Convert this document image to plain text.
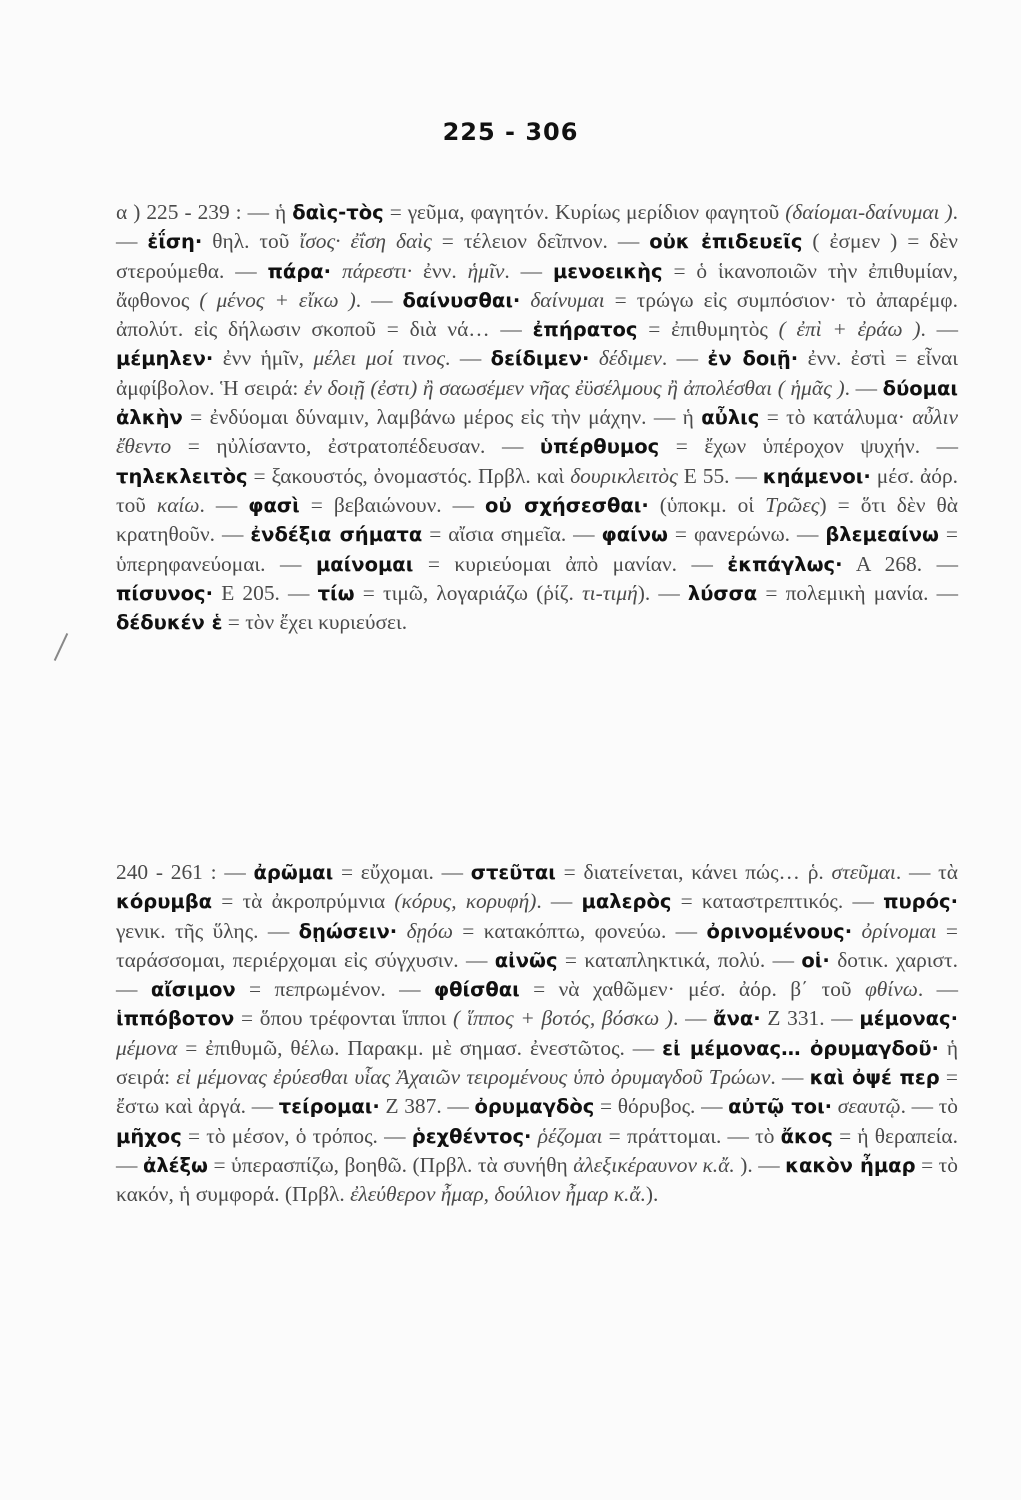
225 - 306
α ) 225 - 239 : — ἡ δαὶς-τὸς = γεῦμα, φαγητόν. Κυρίως μερίδιον φαγητοῦ (δαίομαι-δαίνυμαι ). — ἐΐση· θηλ. τοῦ ἴσος· ἐΐση δαὶς = τέλειον δεῖπνον. — οὐκ ἐπιδευεῖς ( ἐσμεν ) = δὲν στερούμεθα. — πάρα· πάρεστι· ἐνν. ἡμῖν. — μενοεικὴς = ὁ ἱκανοποιῶν τὴν ἐπιθυμίαν, ἄφθονος ( μένος + εἴκω ). — δαίνυσθαι· δαίνυμαι = τρώγω εἰς συμπόσιον· τὸ ἀπαρέμφ. ἀπολύτ. εἰς δήλωσιν σκοποῦ = διὰ νά… — ἐπήρατος = ἐπιθυμητὸς ( ἐπὶ + ἐράω ). — μέμηλεν· ἐνν ἡμῖν, μέλει μοί τινος. — δείδιμεν· δέδιμεν. — ἐν δοιῇ· ἐνν. ἐστὶ = εἶναι ἀμφίβολον. Ἡ σειρά: ἐν δοιῇ (ἐστι) ἢ σαωσέμεν νῆας ἐϋσέλμους ἢ ἀπολέσθαι ( ἡμᾶς ). — δύομαι ἀλκὴν = ἐνδύομαι δύναμιν, λαμβάνω μέρος εἰς τὴν μάχην. — ἡ αὖλις = τὸ κατάλυμα· αὖλιν ἔθεντο = ηὐλίσαντο, ἐστρατοπέδευσαν. — ὑπέρθυμος = ἔχων ὑπέροχον ψυχήν. — τηλεκλειτὸς = ξακουστός, ὀνομαστός. Πρβλ. καὶ δουρικλειτὸς Ε 55. — κηάμενοι· μέσ. ἀόρ. τοῦ καίω. — φασὶ = βεβαιώνουν. — οὐ σχήσεσθαι· (ὑποκμ. οἱ Τρῶες) = ὅτι δὲν θὰ κρατηθοῦν. — ἐνδέξια σήματα = αἴσια σημεῖα. — φαίνω = φανερώνω. — βλεμεαίνω = ὑπερηφανεύομαι. — μαίνομαι = κυριεύομαι ἀπὸ μανίαν. — ἐκπάγλως· Α 268. — πίσυνος· Ε 205. — τίω = τιμῶ, λογαριάζω (ῥίζ. τι-τιμή). — λύσσα = πολεμικὴ μανία. — δέδυκέν ἑ = τὸν ἔχει κυριεύσει.
240 - 261 : — ἀρῶμαι = εὔχομαι. — στεῦται = διατείνεται, κάνει πώς… ῥ. στεῦμαι. — τὰ κόρυμβα = τὰ ἀκροπρύμνια (κόρυς, κορυφή). — μαλερὸς = καταστρεπτικός. — πυρός· γενικ. τῆς ὕλης. — δῃώσειν· δῃόω = κατακόπτω, φονεύω. — ὀρινομένους· ὀρίνομαι = ταράσσομαι, περιέρχομαι εἰς σύγχυσιν. — αἰνῶς = καταπληκτικά, πολύ. — οἱ· δοτικ. χαριστ. — αἴσιμον = πεπρωμένον. — φθίσθαι = νὰ χαθῶμεν· μέσ. ἀόρ. β΄ τοῦ φθίνω. — ἱππόβοτον = ὅπου τρέφονται ἵπποι ( ἵππος + βοτός, βόσκω ). — ἄνα· Ζ 331. — μέμονας· μέμονα = ἐπιθυμῶ, θέλω. Παρακμ. μὲ σημασ. ἐνεστῶτος. — εἰ μέμονας… ὀρυμαγδοῦ· ἡ σειρά: εἰ μέμονας ἐρύεσθαι υἷας Ἀχαιῶν τειρομένους ὑπὸ ὀρυμαγδοῦ Τρώων. — καὶ ὀψέ περ = ἔστω καὶ ἀργά. — τείρομαι· Ζ 387. — ὀρυμαγδὸς = θόρυβος. — αὐτῷ τοι· σεαυτῷ. — τὸ μῆχος = τὸ μέσον, ὁ τρόπος. — ῥεχθέντος· ῥέζομαι = πράττομαι. — τὸ ἄκος = ἡ θεραπεία. — ἀλέξω = ὑπερασπίζω, βοηθῶ. (Πρβλ. τὰ συνήθη ἀλεξικέραυνον κ.ἄ. ). — κακὸν ἦμαρ = τὸ κακόν, ἡ συμφορά. (Πρβλ. ἐλεύθερον ἦμαρ, δούλιον ἦμαρ κ.ἄ.).
